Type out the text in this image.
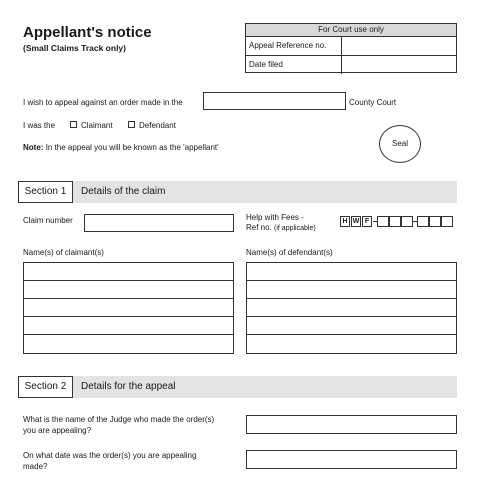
Appellant's notice
(Small Claims Track only)
For Court use only
Appeal Reference no.
Date filed
I wish to appeal against an order made in the	County Court
I was the	Claimant	Defendant
Note: In the appeal you will be known as the 'appellant'	Seal
Section 1	Details of the claim
Claim number	Help with Fees -
Ref no. (if applicable)
H W F
Name(s) of claimant(s)	Name(s) of defendant(s)
Section 2	Details for the appeal
What is the name of the Judge who made the order(s)
you are appealing?
On what date was the order(s) you are appealing
made?
